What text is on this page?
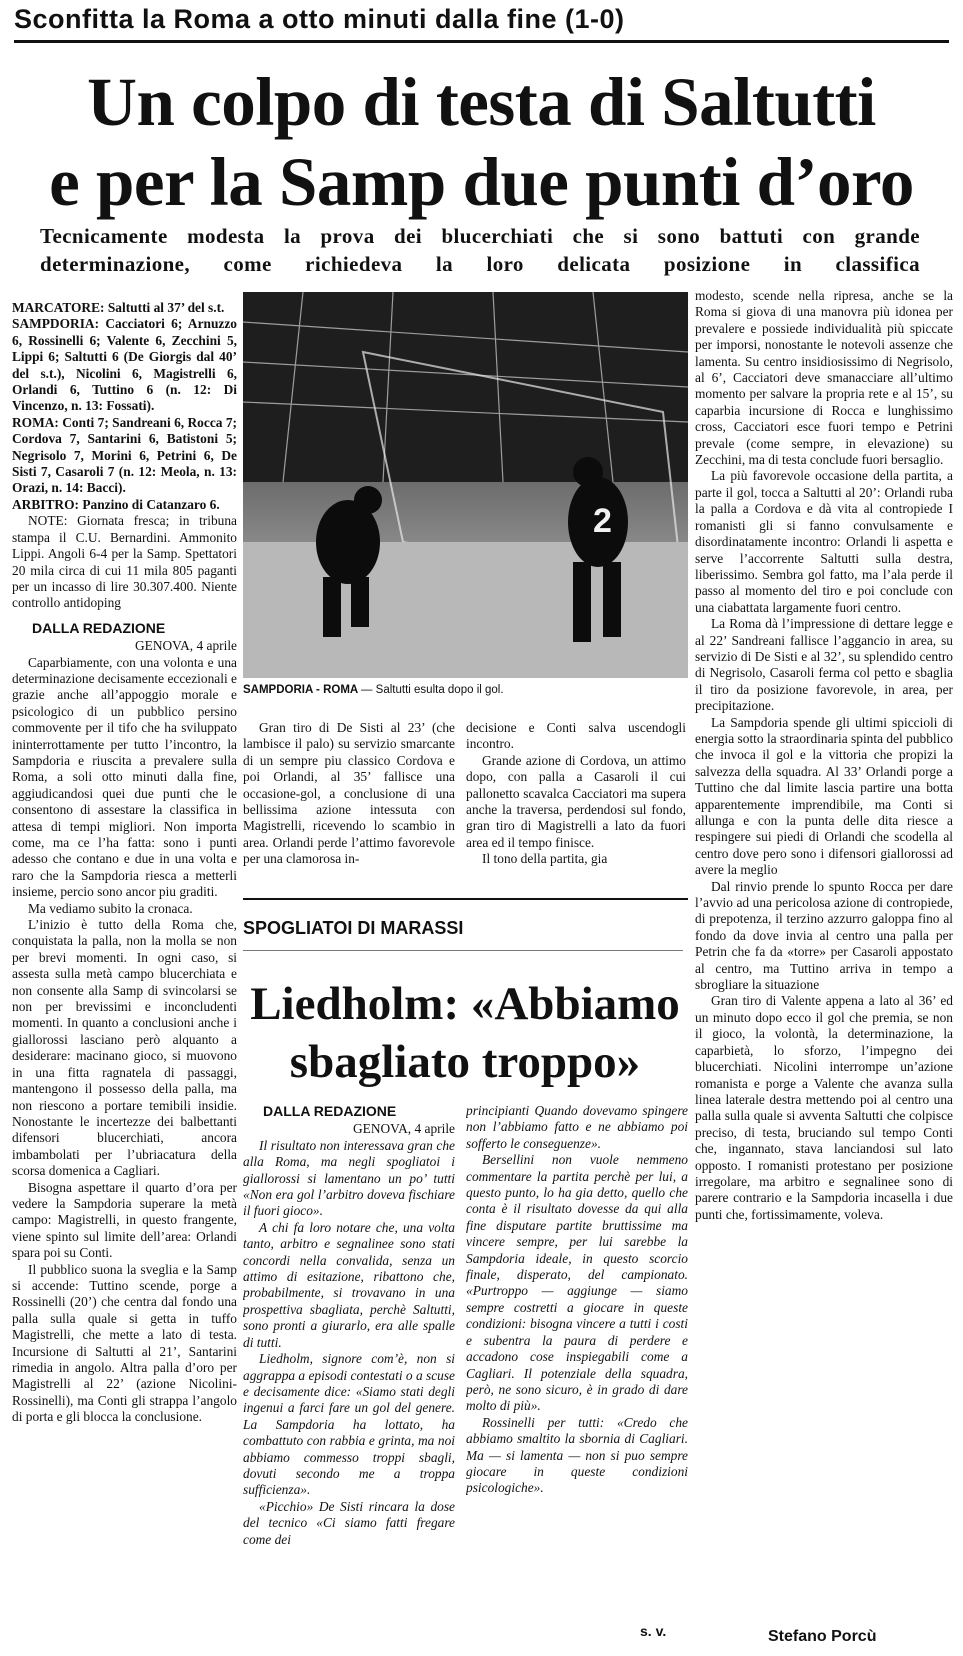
Sconfitta la Roma a otto minuti dalla fine (1-0)
Un colpo di testa di Saltutti
e per la Samp due punti d’oro
Tecnicamente modesta la prova dei blucerchiati che si sono battuti con grande determinazione, come richiedeva la loro delicata posizione in classifica

MARCATORE: Saltutti al 37’ del s.t.

SAMPDORIA: Cacciatori 6; Arnuzzo 6, Rossinelli 6; Valente 6, Zecchini 5, Lippi 6; Saltutti 6 (De Giorgis dal 40’ del s.t.), Nicolini 6, Magistrelli 6, Orlandi 6, Tuttino 6 (n. 12: Di Vincenzo, n. 13: Fossati).

ROMA: Conti 7; Sandreani 6, Rocca 7; Cordova 7, Santarini 6, Batistoni 5; Negrisolo 7, Morini 6, Petrini 6, De Sisti 7, Casaroli 7 (n. 12: Meola, n. 13: Orazi, n. 14: Bacci).

ARBITRO: Panzino di Catanzaro 6.

NOTE: Giornata fresca; in tribuna stampa il C.U. Bernardini. Ammonito Lippi. Angoli 6-4 per la Samp. Spettatori 20 mila circa di cui 11 mila 805 paganti per un incasso di lire 30.307.400. Niente controllo antidoping

DALLA REDAZIONE

GENOVA, 4 aprile

Caparbiamente, con una volonta e una determinazione decisamente eccezionali e grazie anche all’appoggio morale e psicologico di un pubblico persino commovente per il tifo che ha sviluppato ininterrottamente per tutto l’incontro, la Sampdoria e riuscita a prevalere sulla Roma, a soli otto minuti dalla fine, aggiudicandosi quei due punti che le consentono di assestare la classifica in attesa di tempi migliori. Non importa come, ma ce l’ha fatta: sono i punti adesso che contano e due in una volta e raro che la Sampdoria riesca a metterli insieme, percio sono ancor piu graditi.

Ma vediamo subito la cronaca.

L’inizio è tutto della Roma che, conquistata la palla, non la molla se non per brevi momenti. In ogni caso, si assesta sulla metà campo blucerchiata e non consente alla Samp di svincolarsi se non per brevissimi e inconcludenti momenti. In quanto a conclusioni anche i giallorossi lasciano però alquanto a desiderare: macinano gioco, si muovono in una fitta ragnatela di passaggi, mantengono il possesso della palla, ma non riescono a portare temibili insidie. Nonostante le incertezze dei balbettanti difensori blucerchiati, ancora imbambolati per l’ubriacatura della scorsa domenica a Cagliari.

Bisogna aspettare il quarto d’ora per vedere la Sampdoria superare la metà campo: Magistrelli, in questo frangente, viene spinto sul limite dell’area: Orlandi spara poi su Conti.

Il pubblico suona la sveglia e la Samp si accende: Tuttino scende, porge a Rossinelli (20’) che centra dal fondo una palla sulla quale si getta in tuffo Magistrelli, che mette a lato di testa. Incursione di Saltutti al 21’, Santarini rimedia in angolo. Altra palla d’oro per Magistrelli al 22’ (azione Nicolini-Rossinelli), ma Conti gli strappa l’angolo di porta e gli blocca la conclusione.

2
SAMPDORIA - ROMA — Saltutti esulta dopo il gol.

Gran tiro di De Sisti al 23’ (che lambisce il palo) su servizio smarcante di un sempre piu classico Cordova e poi Orlandi, al 35’ fallisce una occasione-gol, a conclusione di una bellissima azione intessuta con Magistrelli, ricevendo lo scambio in area. Orlandi perde l’attimo favorevole per una clamorosa in-

decisione e Conti salva uscendogli incontro.

Grande azione di Cordova, un attimo dopo, con palla a Casaroli il cui pallonetto scavalca Cacciatori ma supera anche la traversa, perdendosi sul fondo, gran tiro di Magistrelli a lato da fuori area ed il tempo finisce.

Il tono della partita, gia

SPOGLIATOI DI MARASSI
Liedholm: «Abbiamo
sbagliato troppo»

DALLA REDAZIONE

GENOVA, 4 aprile

Il risultato non interessava gran che alla Roma, ma negli spogliatoi i giallorossi si lamentano un po’ tutti «Non era gol l’arbitro doveva fischiare il fuori gioco».

A chi fa loro notare che, una volta tanto, arbitro e segnalinee sono stati concordi nella convalida, senza un attimo di esitazione, ribattono che, probabilmente, si trovavano in una prospettiva sbagliata, perchè Saltutti, sono pronti a giurarlo, era alle spalle di tutti.

Liedholm, signore com’è, non si aggrappa a episodi contestati o a scuse e decisamente dice: «Siamo stati degli ingenui a farci fare un gol del genere. La Sampdoria ha lottato, ha combattuto con rabbia e grinta, ma noi abbiamo commesso troppi sbagli, dovuti secondo me a troppa sufficienza».

«Picchio» De Sisti rincara la dose del tecnico «Ci siamo fatti fregare come dei

principianti Quando dovevamo spingere non l’abbiamo fatto e ne abbiamo poi sofferto le conseguenze».

Bersellini non vuole nemmeno commentare la partita perchè per lui, a questo punto, lo ha gia detto, quello che conta è il risultato dovesse da qui alla fine disputare partite bruttissime ma vincere sempre, per lui sarebbe la Sampdoria ideale, in questo scorcio finale, disperato, del campionato. «Purtroppo — aggiunge — siamo sempre costretti a giocare in queste condizioni: bisogna vincere a tutti i costi e subentra la paura di perdere e accadono cose inspiegabili come a Cagliari. Il potenziale della squadra, però, ne sono sicuro, è in grado di dare molto di più».

Rossinelli per tutti: «Credo che abbiamo smaltito la sbornia di Cagliari. Ma — si lamenta — non si puo sempre giocare in queste condizioni psicologiche».

s. v.

modesto, scende nella ripresa, anche se la Roma si giova di una manovra più idonea per prevalere e possiede individualità più spiccate per imporsi, nonostante le notevoli assenze che lamenta. Su centro insidiosissimo di Negrisolo, al 6’, Cacciatori deve smanacciare all’ultimo momento per salvare la propria rete e al 15’, su caparbia incursione di Rocca e lunghissimo cross, Cacciatori esce fuori tempo e Petrini prevale (come sempre, in elevazione) su Zecchini, ma di testa conclude fuori bersaglio.

La più favorevole occasione della partita, a parte il gol, tocca a Saltutti al 20’: Orlandi ruba la palla a Cordova e dà vita al contropiede I romanisti gli si fanno convulsamente e disordinatamente incontro: Orlandi li aspetta e serve l’accorrente Saltutti sulla destra, liberissimo. Sembra gol fatto, ma l’ala perde il passo al momento del tiro e poi conclude con una ciabattata largamente fuori centro.

La Roma dà l’impressione di dettare legge e al 22’ Sandreani fallisce l’aggancio in area, su servizio di De Sisti e al 32’, su splendido centro di Negrisolo, Casaroli ferma col petto e sbaglia il tiro da posizione favorevole, in area, per precipitazione.

La Sampdoria spende gli ultimi spiccioli di energia sotto la straordinaria spinta del pubblico che invoca il gol e la vittoria che propizi la salvezza della squadra. Al 33’ Orlandi porge a Tuttino che dal limite lascia partire una botta apparentemente imprendibile, ma Conti si allunga e con la punta delle dita riesce a respingere sui piedi di Orlandi che scodella al centro dove pero sono i difensori giallorossi ad avere la meglio

Dal rinvio prende lo spunto Rocca per dare l’avvio ad una pericolosa azione di contropiede, di prepotenza, il terzino azzurro galoppa fino al fondo da dove invia al centro una palla per Petrin che fa da «torre» per Casaroli appostato al centro, ma Tuttino arriva in tempo a sbrogliare la situazione

Gran tiro di Valente appena a lato al 36’ ed un minuto dopo ecco il gol che premia, se non il gioco, la volontà, la determinazione, la caparbietà, lo sforzo, l’impegno dei blucerchiati. Nicolini interrompe un’azione romanista e porge a Valente che avanza sulla linea laterale destra mettendo poi al centro una palla sulla quale si avventa Saltutti che colpisce preciso, di testa, bruciando sul tempo Conti che, ingannato, stava lanciandosi sul lato opposto. I romanisti protestano per posizione irregolare, ma arbitro e segnalinee sono di parere contrario e la Sampdoria incasella i due punti che, fortissimamente, voleva.

Stefano Porcù
